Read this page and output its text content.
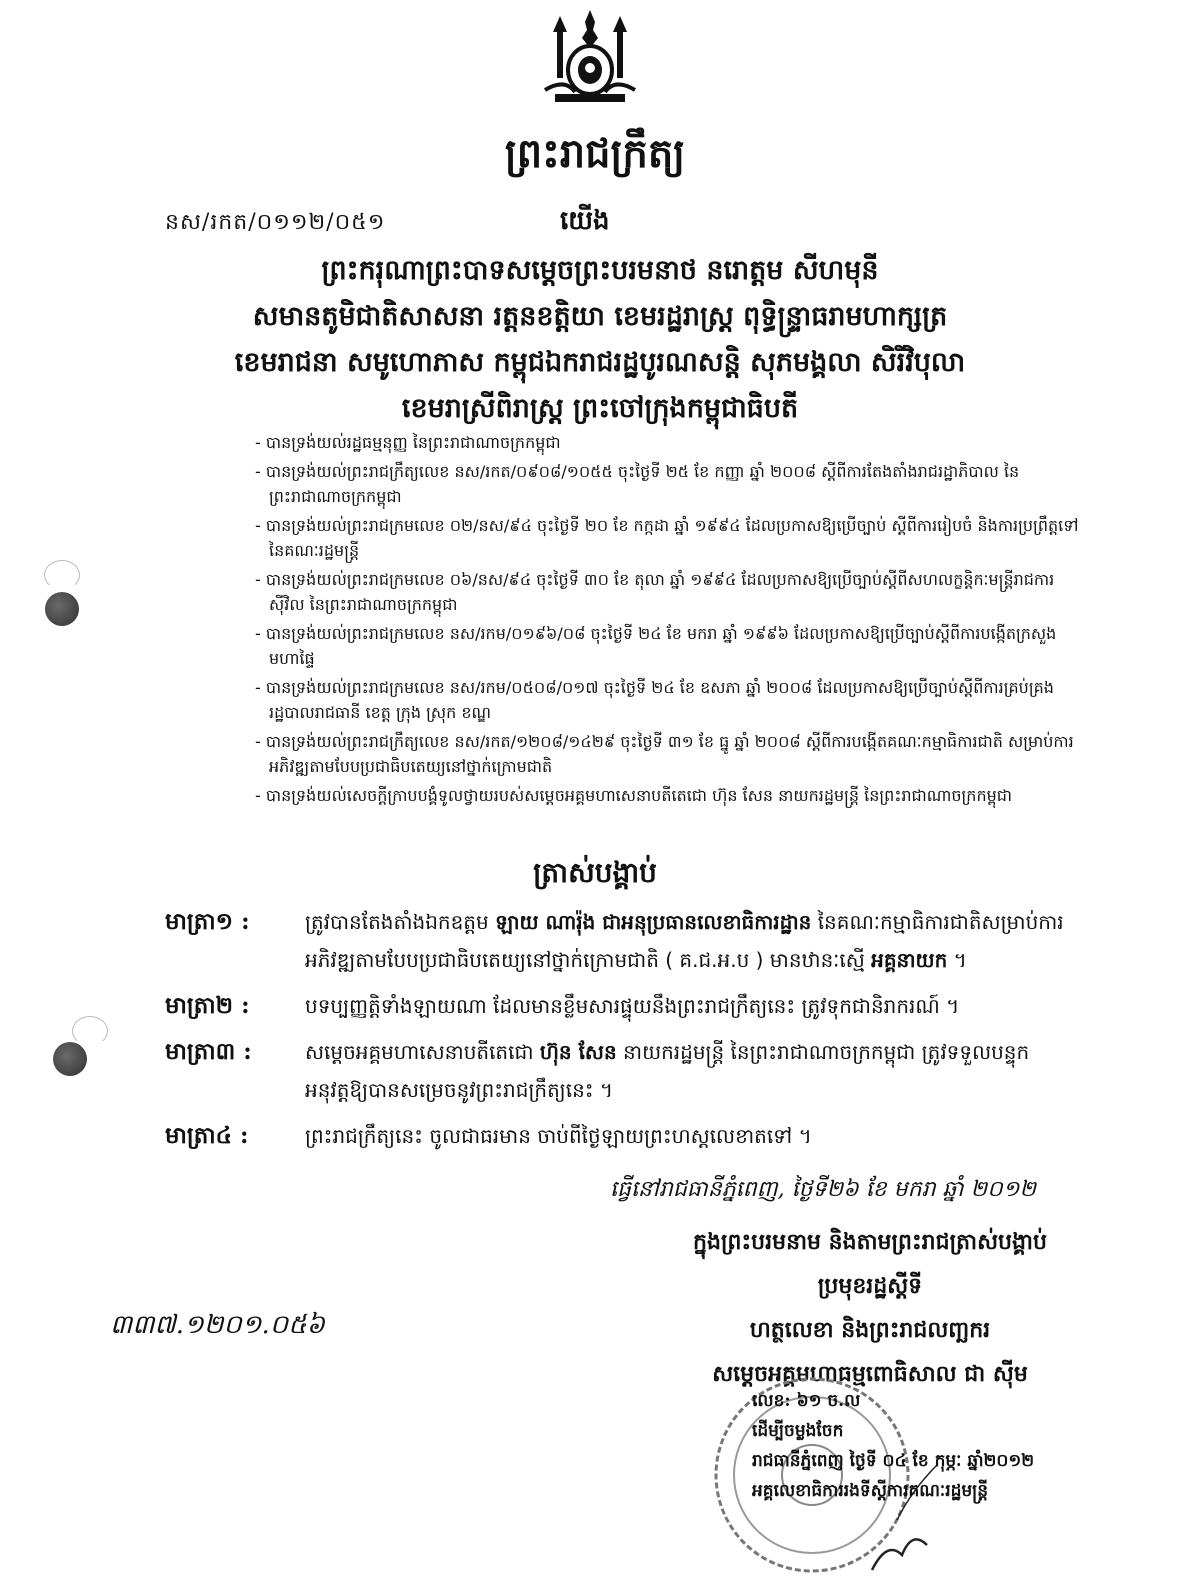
ព្រះរាជក្រឹត្យ
នស/រកត/០១១២/០៥១	យើង
ព្រះករុណាព្រះបាទសម្តេចព្រះបរមនាថ នរោត្តម សីហមុនី
សមានតូមិជាតិសាសនា រត្តនខត្តិយា ខេមរដ្ឋរាស្ត្រ ពុទ្ធិន្ទ្រាធរាមហាក្សត្រ
ខេមរាជនា សមូហោភាស កម្ពុជឯករាជរដ្ឋបូរណសន្តិ សុភមង្គលា សិរីវិបុលា
ខេមរាស្រីពិរាស្ត្រ ព្រះចៅក្រុងកម្ពុជាធិបតី
- បានទ្រង់យល់រដ្ឋធម្មនុញ្ញ នៃព្រះរាជាណាចក្រកម្ពុជា
- បានទ្រង់យល់ព្រះរាជក្រឹត្យលេខ នស/រកត/០៩០៨/១០៥៥ ចុះថ្ងៃទី ២៥ ខែ កញ្ញា ឆ្នាំ ២០០៨ ស្តីពីការតែងតាំងរាជរដ្ឋាភិបាល នៃព្រះរាជាណាចក្រកម្ពុជា
- បានទ្រង់យល់ព្រះរាជក្រមលេខ ០២/នស/៩៤ ចុះថ្ងៃទី ២០ ខែ កក្កដា ឆ្នាំ ១៩៩៤ ដែលប្រកាសឱ្យប្រើច្បាប់ ស្តីពីការរៀបចំ និងការប្រព្រឹត្តទៅនៃគណៈរដ្ឋមន្ត្រី
- បានទ្រង់យល់ព្រះរាជក្រមលេខ ០៦/នស/៩៤ ចុះថ្ងៃទី ៣០ ខែ តុលា ឆ្នាំ ១៩៩៤ ដែលប្រកាសឱ្យប្រើច្បាប់ស្តីពីសហលក្ខន្តិកៈមន្ត្រីរាជការស៊ីវិល នៃព្រះរាជាណាចក្រកម្ពុជា
- បានទ្រង់យល់ព្រះរាជក្រមលេខ នស/រកម/០១៩៦/០៨ ចុះថ្ងៃទី ២៤ ខែ មករា ឆ្នាំ ១៩៩៦ ដែលប្រកាសឱ្យប្រើច្បាប់ស្តីពីការបង្កើតក្រសួងមហាផ្ទៃ
- បានទ្រង់យល់ព្រះរាជក្រមលេខ នស/រកម/០៥០៨/០១៧ ចុះថ្ងៃទី ២៤ ខែ ឧសភា ឆ្នាំ ២០០៨ ដែលប្រកាសឱ្យប្រើច្បាប់ស្តីពីការគ្រប់គ្រងរដ្ឋបាលរាជធានី ខេត្ត ក្រុង ស្រុក ខណ្ឌ
- បានទ្រង់យល់ព្រះរាជក្រឹត្យលេខ នស/រកត/១២០៨/១៤២៩ ចុះថ្ងៃទី ៣១ ខែ ធ្នូ ឆ្នាំ ២០០៨ ស្តីពីការបង្កើតគណៈកម្មាធិការជាតិ សម្រាប់ការអភិវឌ្ឍតាមបែបប្រជាធិបតេយ្យនៅថ្នាក់ក្រោមជាតិ
- បានទ្រង់យល់សេចក្តីក្រាបបង្គំទូលថ្វាយរបស់សម្តេចអគ្គមហាសេនាបតីតេជោ ហ៊ុន សែន នាយករដ្ឋមន្ត្រី នៃព្រះរាជាណាចក្រកម្ពុជា
ត្រាស់បង្គាប់
មាត្រា១ :	ត្រូវបានតែងតាំងឯកឧត្តម ឡាយ ណារ៉ុង ជាអនុប្រធានលេខាធិការដ្ឋាន នៃគណៈកម្មាធិការជាតិសម្រាប់ការអភិវឌ្ឍតាមបែបប្រជាធិបតេយ្យនៅថ្នាក់ក្រោមជាតិ ( គ.ជ.អ.ប ) មានឋានៈស្មើ អគ្គនាយក ។
មាត្រា២ :	បទប្បញ្ញត្តិទាំងឡាយណា ដែលមានខ្លឹមសារផ្ទុយនឹងព្រះរាជក្រឹត្យនេះ ត្រូវទុកជានិរាករណ៍ ។
មាត្រា៣ :	សម្តេចអគ្គមហាសេនាបតីតេជោ ហ៊ុន សែន នាយករដ្ឋមន្ត្រី នៃព្រះរាជាណាចក្រកម្ពុជា ត្រូវទទួលបន្ទុកអនុវត្តឱ្យបានសម្រេចនូវព្រះរាជក្រឹត្យនេះ ។
មាត្រា៤ :	ព្រះរាជក្រឹត្យនេះ ចូលជាធរមាន ចាប់ពីថ្ងៃឡាយព្រះហស្តលេខាតទៅ ។
ធ្វើនៅរាជធានីភ្នំពេញ, ថ្ងៃទី២៦ ខែ មករា ឆ្នាំ ២០១២
ក្នុងព្រះបរមនាម និងតាមព្រះរាជត្រាស់បង្គាប់
ប្រមុខរដ្ឋស្តីទី
ហត្ថលេខា និងព្រះរាជលញ្ឆករ
សម្តេចអគ្គមហាធម្មពោធិសាល ជា ស៊ីម
៣៣៧.១២០១.០៥៦
លេខ: ៦១ ច.ល
ដើម្បីចម្លងចែក
រាជធានីភ្នំពេញ ថ្ងៃទី ០៤ ខែ កុម្ភៈ ឆ្នាំ២០១២
អគ្គលេខាធិការរងទីស្តីការគណៈរដ្ឋមន្ត្រី
